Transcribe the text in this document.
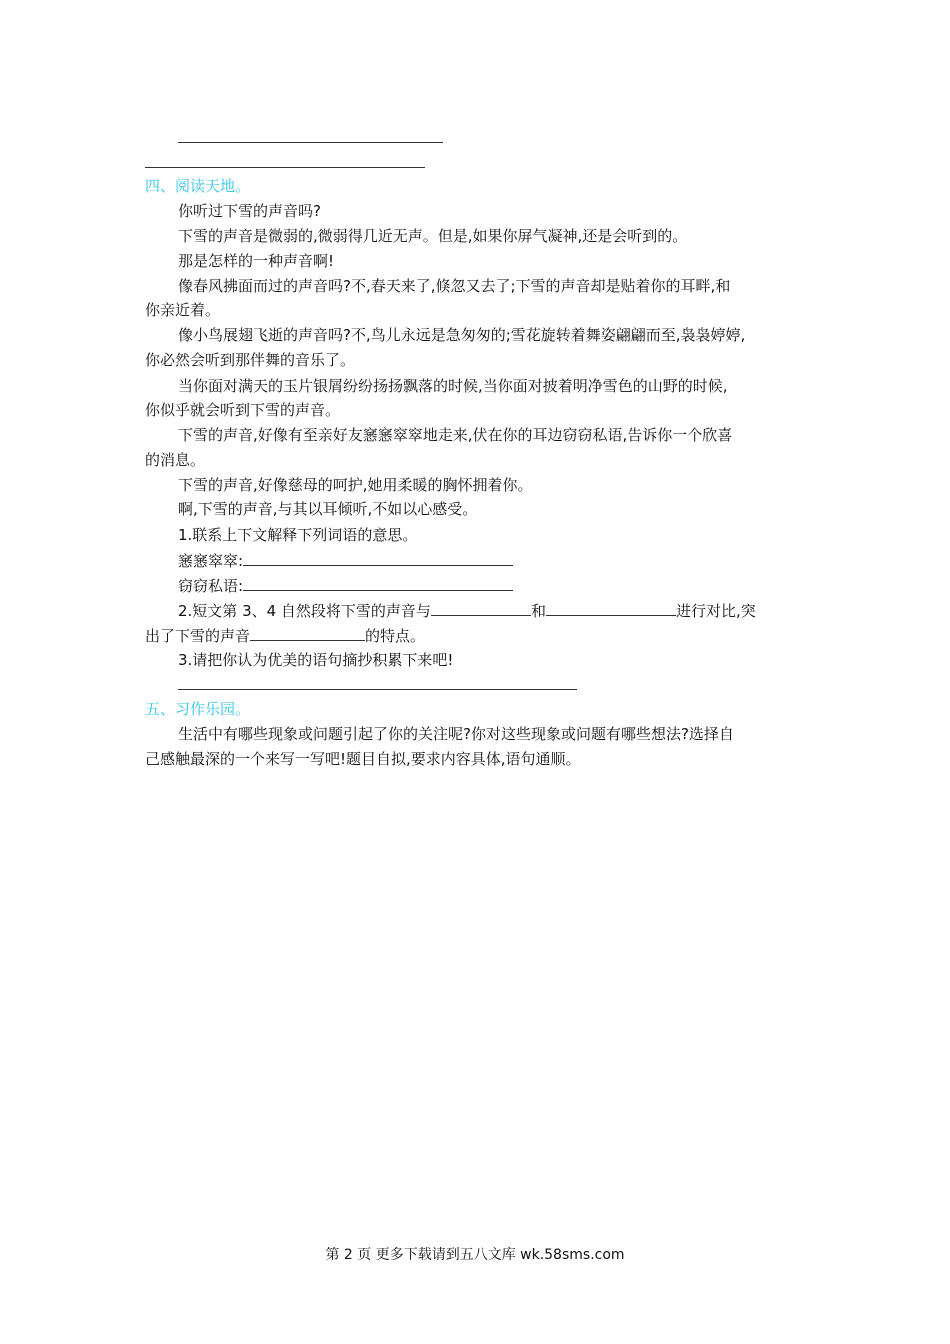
四、阅读天地。
你听过下雪的声音吗?
下雪的声音是微弱的,微弱得几近无声。但是,如果你屏气凝神,还是会听到的。
那是怎样的一种声音啊!
像春风拂面而过的声音吗?不,春天来了,倏忽又去了;下雪的声音却是贴着你的耳畔,和
你亲近着。
像小鸟展翅飞逝的声音吗?不,鸟儿永远是急匆匆的;雪花旋转着舞姿翩翩而至,袅袅婷婷,
你必然会听到那伴舞的音乐了。
当你面对满天的玉片银屑纷纷扬扬飘落的时候,当你面对披着明净雪色的山野的时候,
你似乎就会听到下雪的声音。
下雪的声音,好像有至亲好友窸窸窣窣地走来,伏在你的耳边窃窃私语,告诉你一个欣喜
的消息。
下雪的声音,好像慈母的呵护,她用柔暖的胸怀拥着你。
啊,下雪的声音,与其以耳倾听,不如以心感受。
1.联系上下文解释下列词语的意思。
窸窸窣窣:
窃窃私语:
2.短文第 3、4 自然段将下雪的声音与	和	进行对比,突
出了下雪的声音	的特点。
3.请把你认为优美的语句摘抄积累下来吧!
五、习作乐园。
生活中有哪些现象或问题引起了你的关注呢?你对这些现象或问题有哪些想法?选择自
己感触最深的一个来写一写吧!题目自拟,要求内容具体,语句通顺。
第 2 页 更多下载请到五八文库 wk.58sms.com
